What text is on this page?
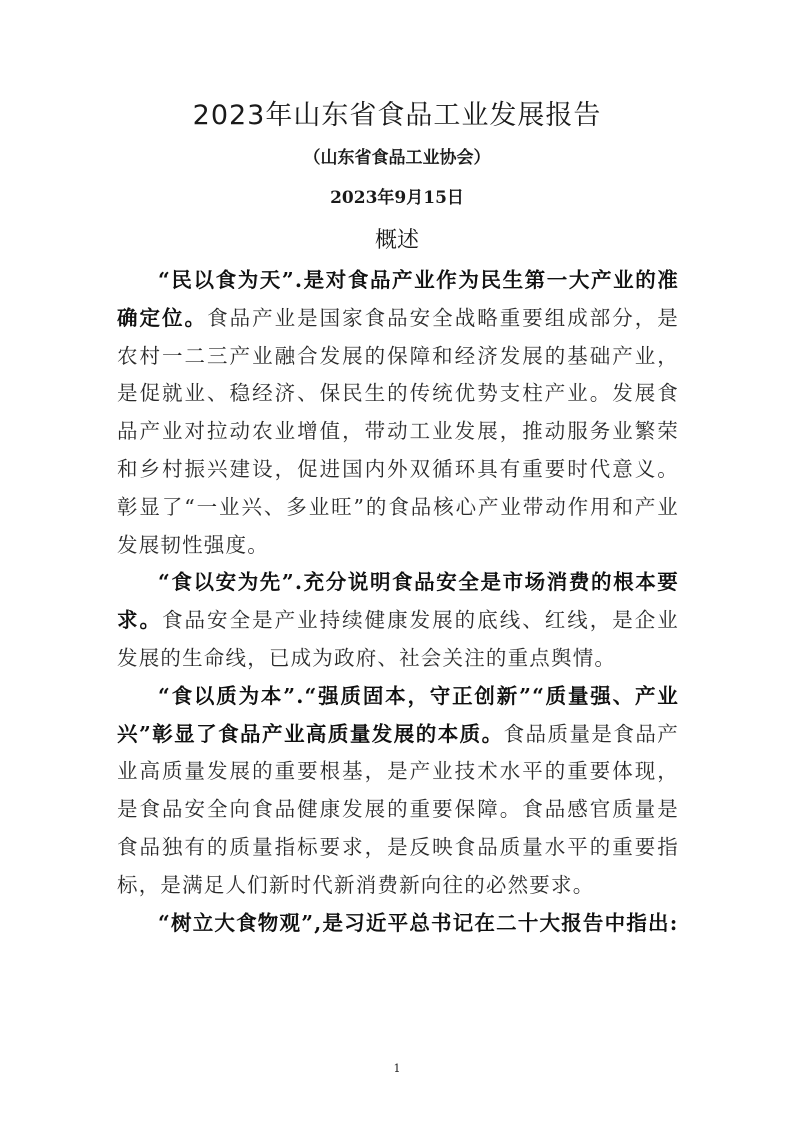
2023年山东省食品工业发展报告

（山东省食品工业协会）

2023年9月15日

概述

“民以食为天”.是对食品产业作为民生第一大产业的准确定位。食品产业是国家食品安全战略重要组成部分，是农村一二三产业融合发展的保障和经济发展的基础产业，是促就业、稳经济、保民生的传统优势支柱产业。发展食品产业对拉动农业增值，带动工业发展，推动服务业繁荣和乡村振兴建设，促进国内外双循环具有重要时代意义。彰显了“一业兴、多业旺”的食品核心产业带动作用和产业发展韧性强度。

“食以安为先”.充分说明食品安全是市场消费的根本要求。食品安全是产业持续健康发展的底线、红线，是企业发展的生命线，已成为政府、社会关注的重点舆情。

“食以质为本”.“强质固本，守正创新”“质量强、产业兴”彰显了食品产业高质量发展的本质。食品质量是食品产业高质量发展的重要根基，是产业技术水平的重要体现，是食品安全向食品健康发展的重要保障。食品感官质量是食品独有的质量指标要求，是反映食品质量水平的重要指标，是满足人们新时代新消费新向往的必然要求。

“树立大食物观”,是习近平总书记在二十大报告中指出:

1
